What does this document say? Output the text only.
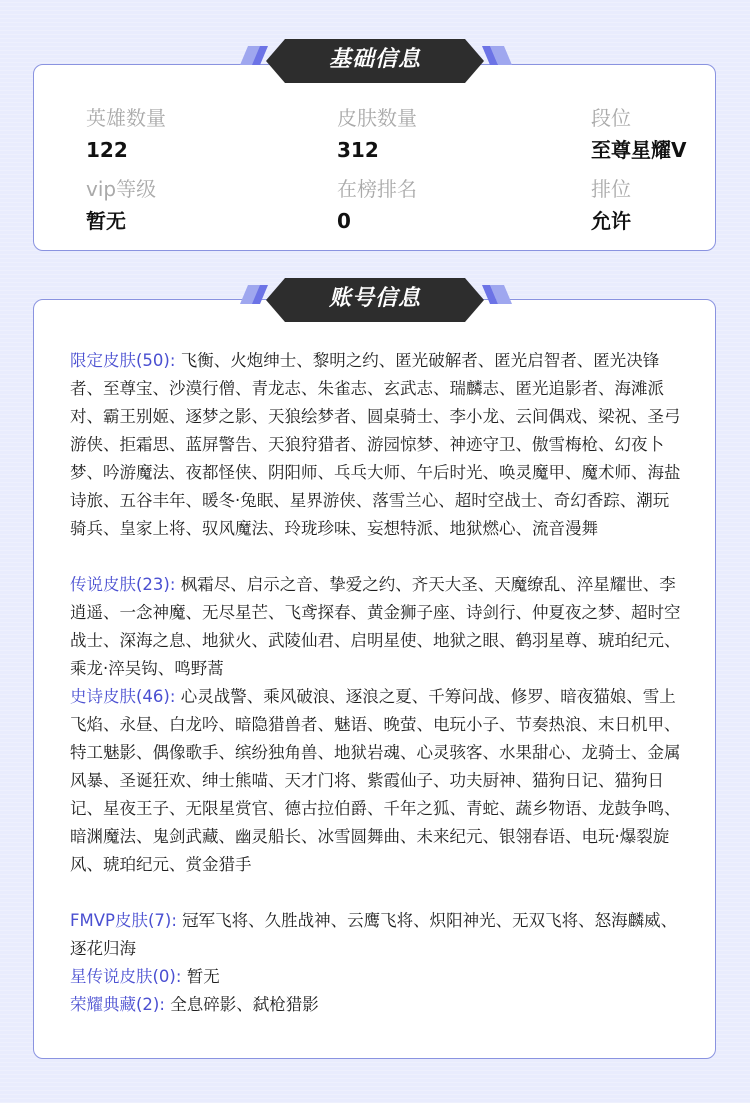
基础信息
英雄数量
122
皮肤数量
312
段位
至尊星耀V
vip等级
暂无
在榜排名
0
排位
允许
账号信息

限定皮肤(50): 飞衡、火炮绅士、黎明之约、匿光破解者、匿光启智者、匿光决锋者、至尊宝、沙漠行僧、青龙志、朱雀志、玄武志、瑞麟志、匿光追影者、海滩派对、霸王别姬、逐梦之影、天狼绘梦者、圆桌骑士、李小龙、云间偶戏、梁祝、圣弓游侠、拒霜思、蓝屏警告、天狼狩猎者、游园惊梦、神迹守卫、傲雪梅枪、幻夜卜梦、吟游魔法、夜都怪侠、阴阳师、乓乓大师、午后时光、唤灵魔甲、魔术师、海盐诗旅、五谷丰年、暖冬·兔眠、星界游侠、落雪兰心、超时空战士、奇幻香踪、潮玩骑兵、皇家上将、驭风魔法、玲珑珍味、妄想特派、地狱燃心、流音漫舞

传说皮肤(23): 枫霜尽、启示之音、挚爱之约、齐天大圣、天魔缭乱、淬星耀世、李逍遥、一念神魔、无尽星芒、飞鸢探春、黄金狮子座、诗剑行、仲夏夜之梦、超时空战士、深海之息、地狱火、武陵仙君、启明星使、地狱之眼、鹤羽星尊、琥珀纪元、乘龙·淬吴钩、鸣野蒿

史诗皮肤(46): 心灵战警、乘风破浪、逐浪之夏、千筹问战、修罗、暗夜猫娘、雪上飞焰、永昼、白龙吟、暗隐猎兽者、魅语、晚萤、电玩小子、节奏热浪、末日机甲、特工魅影、偶像歌手、缤纷独角兽、地狱岩魂、心灵骇客、水果甜心、龙骑士、金属风暴、圣诞狂欢、绅士熊喵、天才门将、紫霞仙子、功夫厨神、猫狗日记、猫狗日记、星夜王子、无限星赏官、德古拉伯爵、千年之狐、青蛇、蔬乡物语、龙鼓争鸣、暗渊魔法、鬼剑武藏、幽灵船长、冰雪圆舞曲、未来纪元、银翎春语、电玩·爆裂旋风、琥珀纪元、赏金猎手

FMVP皮肤(7): 冠军飞将、久胜战神、云鹰飞将、炽阳神光、无双飞将、怒海麟威、逐花归海

星传说皮肤(0): 暂无

荣耀典藏(2): 全息碎影、弑枪猎影
